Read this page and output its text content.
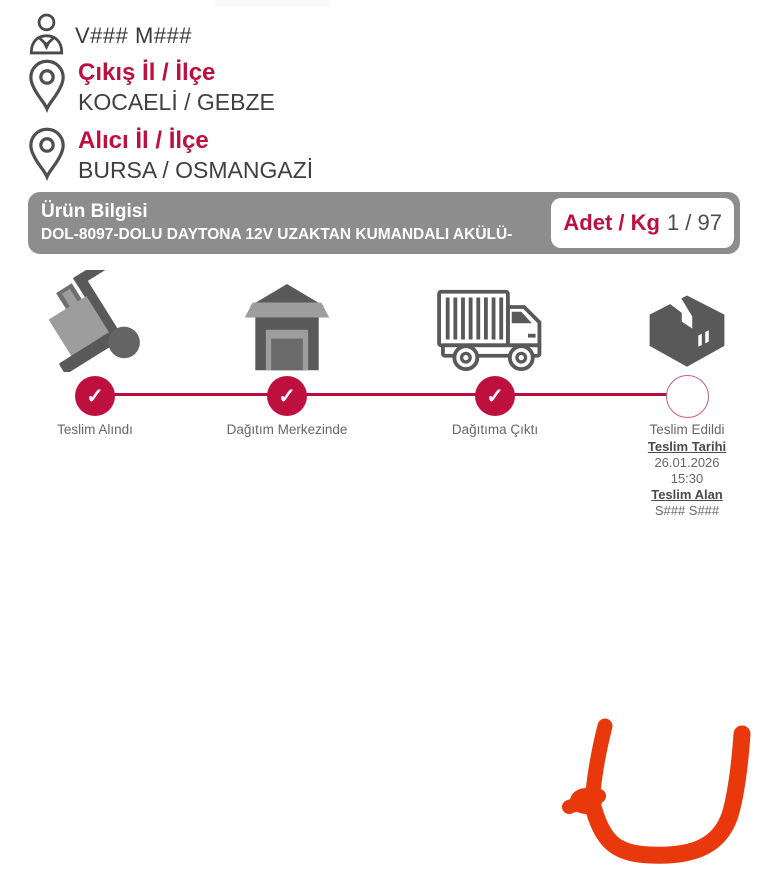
V### M###
Çıkış İl / İlçe
KOCAELİ / GEBZE
Alıcı İl / İlçe
BURSA / OSMANGAZİ
Ürün Bilgisi
DOL-8097-DOLU DAYTONA 12V UZAKTAN KUMANDALI AKÜLÜ-	Adet / Kg 1 / 97
✓
Teslim Alındı
✓
Dağıtım Merkezinde
✓
Dağıtıma Çıktı	Teslim Edildi
Teslim Tarihi
26.01.2026
15:30
Teslim Alan
S### S###
